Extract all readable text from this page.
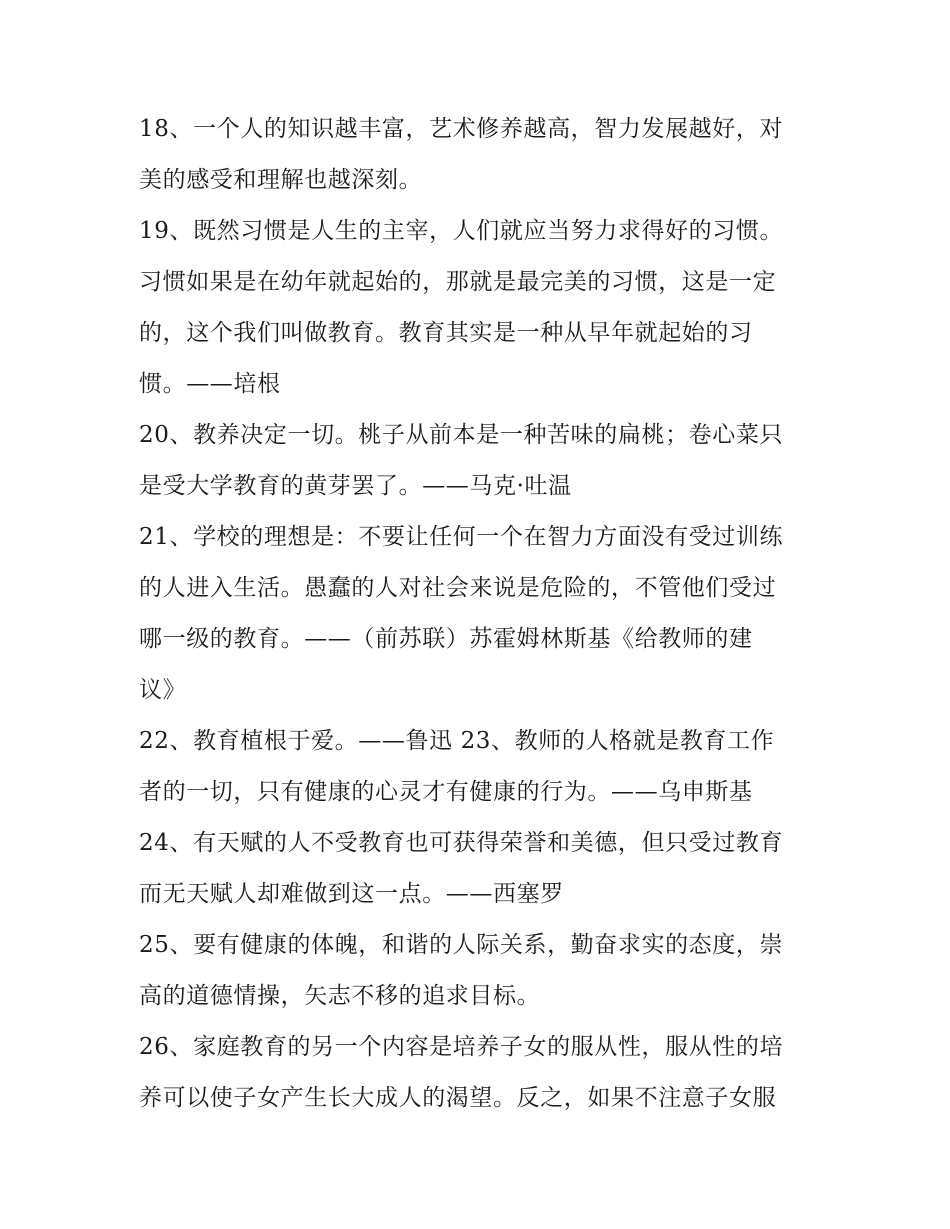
18、一个人的知识越丰富，艺术修养越高，智力发展越好，对
美的感受和理解也越深刻。
19、既然习惯是人生的主宰，人们就应当努力求得好的习惯。
习惯如果是在幼年就起始的，那就是最完美的习惯，这是一定
的，这个我们叫做教育。教育其实是一种从早年就起始的习
惯。——培根
20、教养决定一切。桃子从前本是一种苦味的扁桃；卷心菜只
是受大学教育的黄芽罢了。——马克·吐温
21、学校的理想是：不要让任何一个在智力方面没有受过训练
的人进入生活。愚蠢的人对社会来说是危险的，不管他们受过
哪一级的教育。——（前苏联）苏霍姆林斯基《给教师的建
议》
22、教育植根于爱。——鲁迅 23、教师的人格就是教育工作
者的一切，只有健康的心灵才有健康的行为。——乌申斯基
24、有天赋的人不受教育也可获得荣誉和美德，但只受过教育
而无天赋人却难做到这一点。——西塞罗
25、要有健康的体魄，和谐的人际关系，勤奋求实的态度，崇
高的道德情操，矢志不移的追求目标。
26、家庭教育的另一个内容是培养子女的服从性，服从性的培
养可以使子女产生长大成人的渴望。反之，如果不注意子女服
